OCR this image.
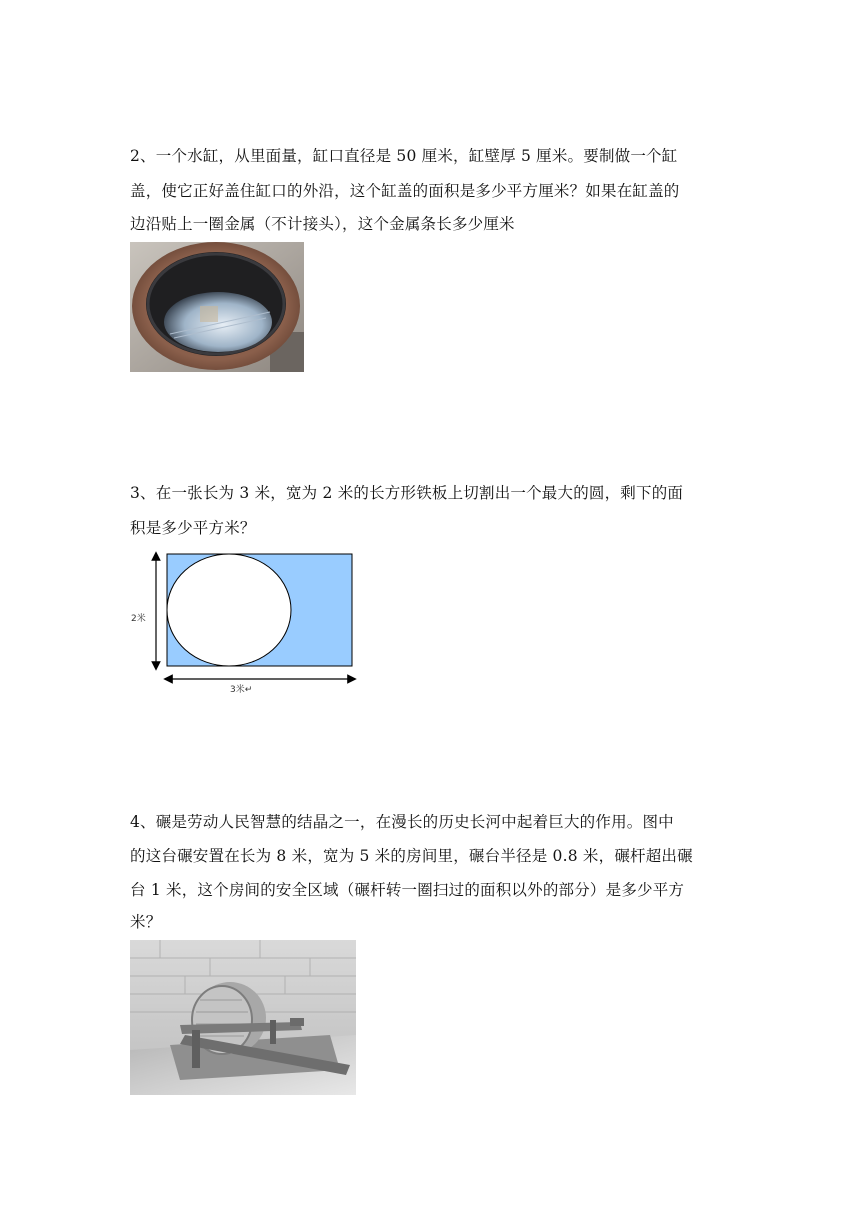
2、一个水缸，从里面量，缸口直径是 50 厘米，缸壁厚 5 厘米。要制做一个缸
盖，使它正好盖住缸口的外沿，这个缸盖的面积是多少平方厘米？如果在缸盖的
边沿贴上一圈金属（不计接头），这个金属条长多少厘米
3、在一张长为 3 米，宽为 2 米的长方形铁板上切割出一个最大的圆，剩下的面
积是多少平方米？
2米
3米↵
4、碾是劳动人民智慧的结晶之一，在漫长的历史长河中起着巨大的作用。图中
的这台碾安置在长为 8 米，宽为 5 米的房间里，碾台半径是 0.8 米，碾杆超出碾
台 1 米，这个房间的安全区域（碾杆转一圈扫过的面积以外的部分）是多少平方
米？
